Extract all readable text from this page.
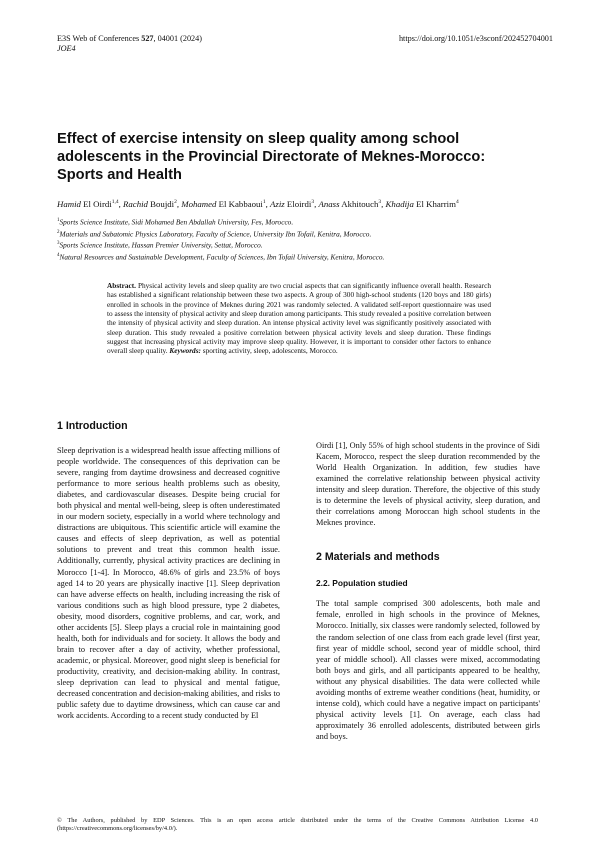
E3S Web of Conferences 527, 04001 (2024)
JOE4
https://doi.org/10.1051/e3sconf/202452704001
Effect of exercise intensity on sleep quality among school
adolescents in the Provincial Directorate of Meknes-Morocco:
Sports and Health
Hamid El Oirdi$^{1,4}$, Rachid Boujdi$^2$, Mohamed El Kabbaoui$^1$, Aziz Eloirdi$^3$, Anass Akhitouch$^3$, Khadija El Kharrim$^4$
$^1$Sports Science Institute, Sidi Mohamed Ben Abdallah University, Fes, Morocco.
$^2$Materials and Subatomic Physics Laboratory, Faculty of Science, University Ibn Tofail, Kenitra, Morocco.
$^3$Sports Science Institute, Hassan Premier University, Settat, Morocco.
$^4$Natural Resources and Sustainable Development, Faculty of Sciences, Ibn Tofail University, Kenitra, Morocco.
Abstract. Physical activity levels and sleep quality are two crucial aspects that can significantly influence overall health. Research has established a significant relationship between these two aspects. A group of 300 high-school students (120 boys and 180 girls) enrolled in schools in the province of Meknes during 2021 was randomly selected. A validated self-report questionnaire was used to assess the intensity of physical activity and sleep duration among participants. This study revealed a positive correlation between the intensity of physical activity and sleep duration. An intense physical activity level was significantly positively associated with sleep duration. This study revealed a positive correlation between physical activity levels and sleep duration. These findings suggest that increasing physical activity may improve sleep quality. However, it is important to consider other factors to enhance overall sleep quality. Keywords: sporting activity, sleep, adolescents, Morocco.
1 Introduction

Sleep deprivation is a widespread health issue affecting millions of people worldwide. The consequences of this deprivation can be severe, ranging from daytime drowsiness and decreased cognitive performance to more serious health problems such as obesity, diabetes, and cardiovascular diseases. Despite being crucial for both physical and mental well-being, sleep is often underestimated in our modern society, especially in a world where technology and distractions are ubiquitous. This scientific article will examine the causes and effects of sleep deprivation, as well as potential solutions to prevent and treat this common health issue. Additionally, currently, physical activity practices are declining in Morocco [1-4]. In Morocco, 48.6% of girls and 23.5% of boys aged 14 to 20 years are physically inactive [1]. Sleep deprivation can have adverse effects on health, including increasing the risk of various conditions such as high blood pressure, type 2 diabetes, obesity, mood disorders, cognitive problems, and car, work, and other accidents [5]. Sleep plays a crucial role in maintaining good health, both for individuals and for society. It allows the body and brain to recover after a day of activity, whether professional, academic, or physical. Moreover, good night sleep is beneficial for productivity, creativity, and decision-making ability. In contrast, sleep deprivation can lead to physical and mental fatigue, decreased concentration and decision-making abilities, and risks to public safety due to daytime drowsiness, which can cause car and work accidents. According to a recent study conducted by El

Oirdi [1], Only 55% of high school students in the province of Sidi Kacem, Morocco, respect the sleep duration recommended by the World Health Organization. In addition, few studies have examined the correlative relationship between physical activity intensity and sleep duration. Therefore, the objective of this study is to determine the levels of physical activity, sleep duration, and their correlations among Moroccan high school students in the Meknes province.

2 Materials and methods
2.2. Population studied

The total sample comprised 300 adolescents, both male and female, enrolled in high schools in the province of Meknes, Morocco. Initially, six classes were randomly selected, followed by the random selection of one class from each grade level (first year, first year of middle school, second year of middle school, third year of middle school). All classes were mixed, accommodating both boys and girls, and all participants appeared to be healthy, without any physical disabilities. The data were collected while avoiding months of extreme weather conditions (heat, humidity, or intense cold), which could have a negative impact on participants' physical activity levels [1]. On average, each class had approximately 36 enrolled adolescents, distributed between girls and boys.

© The Authors, published by EDP Sciences. This is an open access article distributed under the terms of the Creative Commons Attribution License 4.0 (https://creativecommons.org/licenses/by/4.0/).
